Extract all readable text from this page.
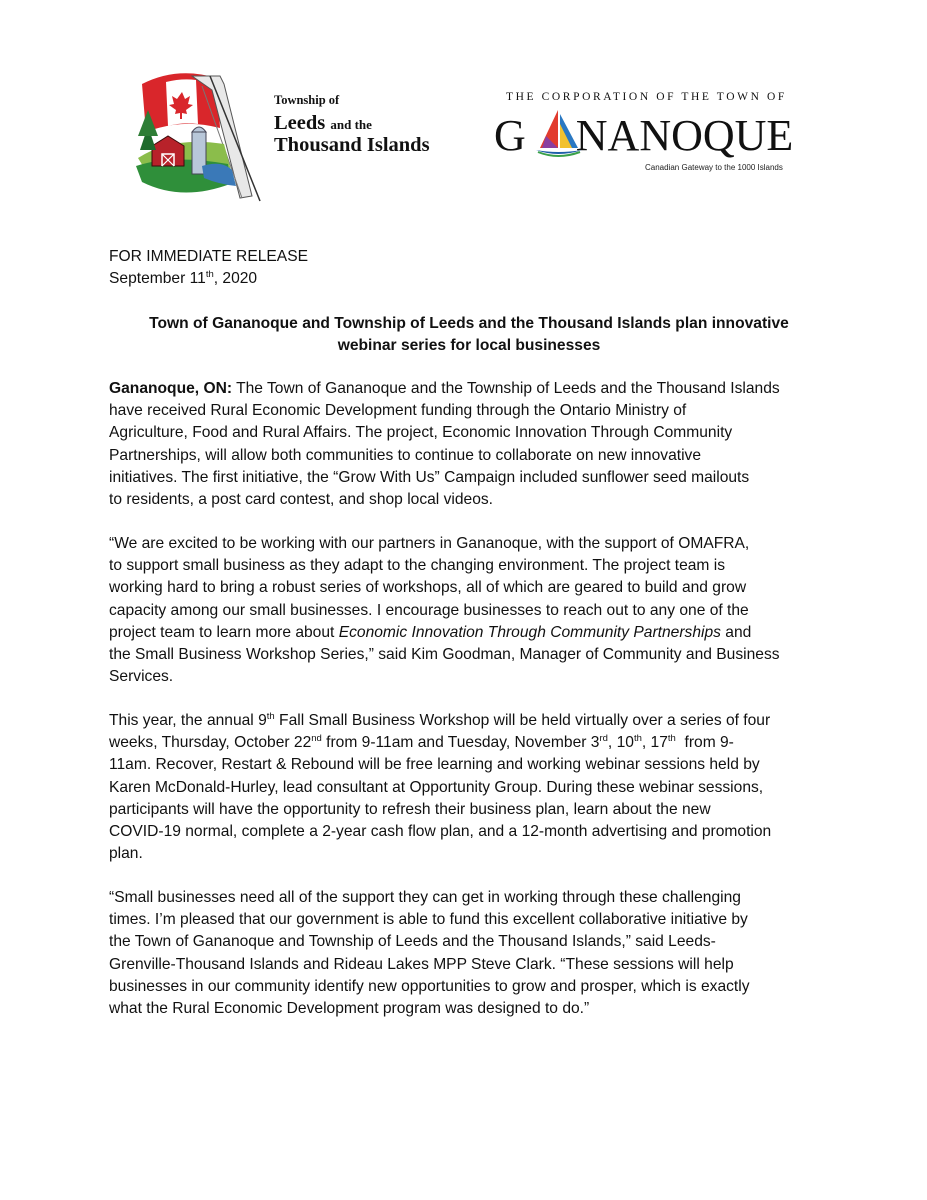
Township of
Leeds and the
Thousand Islands
THE CORPORATION OF THE TOWN OF
G NANOQUE
Canadian Gateway to the 1000 Islands
FOR IMMEDIATE RELEASE
September 11th, 2020
Town of Gananoque and Township of Leeds and the Thousand Islands plan innovative
webinar series for local businesses
Gananoque, ON: The Town of Gananoque and the Township of Leeds and the Thousand Islands
have received Rural Economic Development funding through the Ontario Ministry of
Agriculture, Food and Rural Affairs. The project, Economic Innovation Through Community
Partnerships, will allow both communities to continue to collaborate on new innovative
initiatives. The first initiative, the “Grow With Us” Campaign included sunflower seed mailouts
to residents, a post card contest, and shop local videos.
“We are excited to be working with our partners in Gananoque, with the support of OMAFRA,
to support small business as they adapt to the changing environment. The project team is
working hard to bring a robust series of workshops, all of which are geared to build and grow
capacity among our small businesses. I encourage businesses to reach out to any one of the
project team to learn more about Economic Innovation Through Community Partnerships and
the Small Business Workshop Series,” said Kim Goodman, Manager of Community and Business
Services.
This year, the annual 9th Fall Small Business Workshop will be held virtually over a series of four
weeks, Thursday, October 22nd from 9-11am and Tuesday, November 3rd, 10th, 17th  from 9-
11am. Recover, Restart & Rebound will be free learning and working webinar sessions held by
Karen McDonald-Hurley, lead consultant at Opportunity Group. During these webinar sessions,
participants will have the opportunity to refresh their business plan, learn about the new
COVID-19 normal, complete a 2-year cash flow plan, and a 12-month advertising and promotion
plan.
“Small businesses need all of the support they can get in working through these challenging
times. I’m pleased that our government is able to fund this excellent collaborative initiative by
the Town of Gananoque and Township of Leeds and the Thousand Islands,” said Leeds-
Grenville-Thousand Islands and Rideau Lakes MPP Steve Clark. “These sessions will help
businesses in our community identify new opportunities to grow and prosper, which is exactly
what the Rural Economic Development program was designed to do.”
